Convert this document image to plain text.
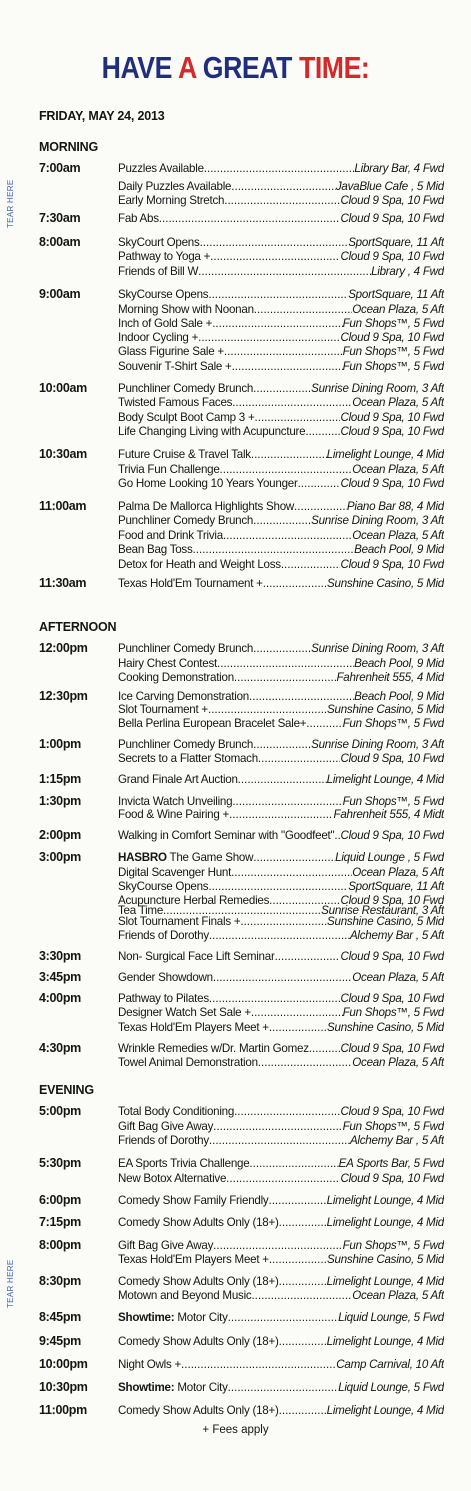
HAVE A GREAT TIME:
FRIDAY, MAY 24, 2013
TEAR HERE
TEAR HERE
MORNING
7:00am	Puzzles Available .....	Library Bar, 4 Fwd
Daily Puzzles Available .....	JavaBlue Cafe , 5 Mid
Early Morning Stretch .....	Cloud 9 Spa, 10 Fwd
7:30am	Fab Abs .....	Cloud 9 Spa, 10 Fwd
8:00am	SkyCourt Opens .....	SportSquare, 11 Aft
Pathway to Yoga + .....	Cloud 9 Spa, 10 Fwd
Friends of Bill W .....	Library , 4 Fwd
9:00am	SkyCourse Opens .....	SportSquare, 11 Aft
Morning Show with Noonan .....	Ocean Plaza, 5 Aft
Inch of Gold Sale + .....	Fun Shops™, 5 Fwd
Indoor Cycling + .....	Cloud 9 Spa, 10 Fwd
Glass Figurine Sale + .....	Fun Shops™, 5 Fwd
Souvenir T-Shirt Sale + .....	Fun Shops™, 5 Fwd
10:00am	Punchliner Comedy Brunch .....	Sunrise Dining Room, 3 Aft
Twisted Famous Faces .....	Ocean Plaza, 5 Aft
Body Sculpt Boot Camp 3 + .....	Cloud 9 Spa, 10 Fwd
Life Changing Living with Acupuncture .....	Cloud 9 Spa, 10 Fwd
10:30am	Future Cruise & Travel Talk .....	Limelight Lounge, 4 Mid
Trivia Fun Challenge .....	Ocean Plaza, 5 Aft
Go Home Looking 10 Years Younger .....	Cloud 9 Spa, 10 Fwd
11:00am	Palma De Mallorca Highlights Show .....	Piano Bar 88, 4 Mid
Punchliner Comedy Brunch .....	Sunrise Dining Room, 3 Aft
Food and Drink Trivia .....	Ocean Plaza, 5 Aft
Bean Bag Toss .....	Beach Pool, 9 Mid
Detox for Heath and Weight Loss .....	Cloud 9 Spa, 10 Fwd
11:30am	Texas Hold'Em Tournament + .....	Sunshine Casino, 5 Mid
AFTERNOON
12:00pm	Punchliner Comedy Brunch .....	Sunrise Dining Room, 3 Aft
Hairy Chest Contest .....	Beach Pool, 9 Mid
Cooking Demonstration .....	Fahrenheit 555, 4 Mid
12:30pm	Ice Carving Demonstration .....	Beach Pool, 9 Mid
Slot Tournament + .....	Sunshine Casino, 5 Mid
Bella Perlina European Bracelet Sale+ .....	Fun Shops™, 5 Fwd
1:00pm	Punchliner Comedy Brunch .....	Sunrise Dining Room, 3 Aft
Secrets to a Flatter Stomach .....	Cloud 9 Spa, 10 Fwd
1:15pm	Grand Finale Art Auction .....	Limelight Lounge, 4 Mid
1:30pm	Invicta Watch Unveiling .....	Fun Shops™, 5 Fwd
Food & Wine Pairing + .....	Fahrenheit 555, 4 Midt
2:00pm	Walking in Comfort Seminar with "Goodfeet" ..... Cloud 9 Spa, 10 Fwd
3:00pm	HASBRO The Game Show .....	Liquid Lounge , 5 Fwd
Digital Scavenger Hunt .....	Ocean Plaza, 5 Aft
SkyCourse Opens .....	SportSquare, 11 Aft
Acupuncture Herbal Remedies .....	Cloud 9 Spa, 10 Fwd
Tea Time .....	Sunrise Restaurant, 3 Aft
Slot Tournament Finals + .....	Sunshine Casino, 5 Mid
Friends of Dorothy .....	Alchemy Bar , 5 Aft
3:30pm	Non- Surgical Face Lift Seminar .....	Cloud 9 Spa, 10 Fwd
3:45pm	Gender Showdown .....	Ocean Plaza, 5 Aft
4:00pm	Pathway to Pilates .....	Cloud 9 Spa, 10 Fwd
Designer Watch Set Sale + .....	Fun Shops™, 5 Fwd
Texas Hold'Em Players Meet + .....	Sunshine Casino, 5 Mid
4:30pm	Wrinkle Remedies w/Dr. Martin Gomez .....	Cloud 9 Spa, 10 Fwd
Towel Animal Demonstration .....	Ocean Plaza, 5 Aft
EVENING
5:00pm	Total Body Conditioning .....	Cloud 9 Spa, 10 Fwd
Gift Bag Give Away .....	Fun Shops™, 5 Fwd
Friends of Dorothy .....	Alchemy Bar , 5 Aft
5:30pm	EA Sports Trivia Challenge .....	EA Sports Bar, 5 Fwd
New Botox Alternative .....	Cloud 9 Spa, 10 Fwd
6:00pm	Comedy Show Family Friendly .....	Limelight Lounge, 4 Mid
7:15pm	Comedy Show Adults Only (18+) .....	Limelight Lounge, 4 Mid
8:00pm	Gift Bag Give Away .....	Fun Shops™, 5 Fwd
Texas Hold'Em Players Meet + .....	Sunshine Casino, 5 Mid
8:30pm	Comedy Show Adults Only (18+) .....	Limelight Lounge, 4 Mid
Motown and Beyond Music .....	Ocean Plaza, 5 Aft
8:45pm	Showtime: Motor City .....	Liquid Lounge, 5 Fwd
9:45pm	Comedy Show Adults Only (18+) .....	Limelight Lounge, 4 Mid
10:00pm	Night Owls + .....	Camp Carnival, 10 Aft
10:30pm	Showtime: Motor City .....	Liquid Lounge, 5 Fwd
11:00pm	Comedy Show Adults Only (18+) .....	Limelight Lounge, 4 Mid
+ Fees apply
